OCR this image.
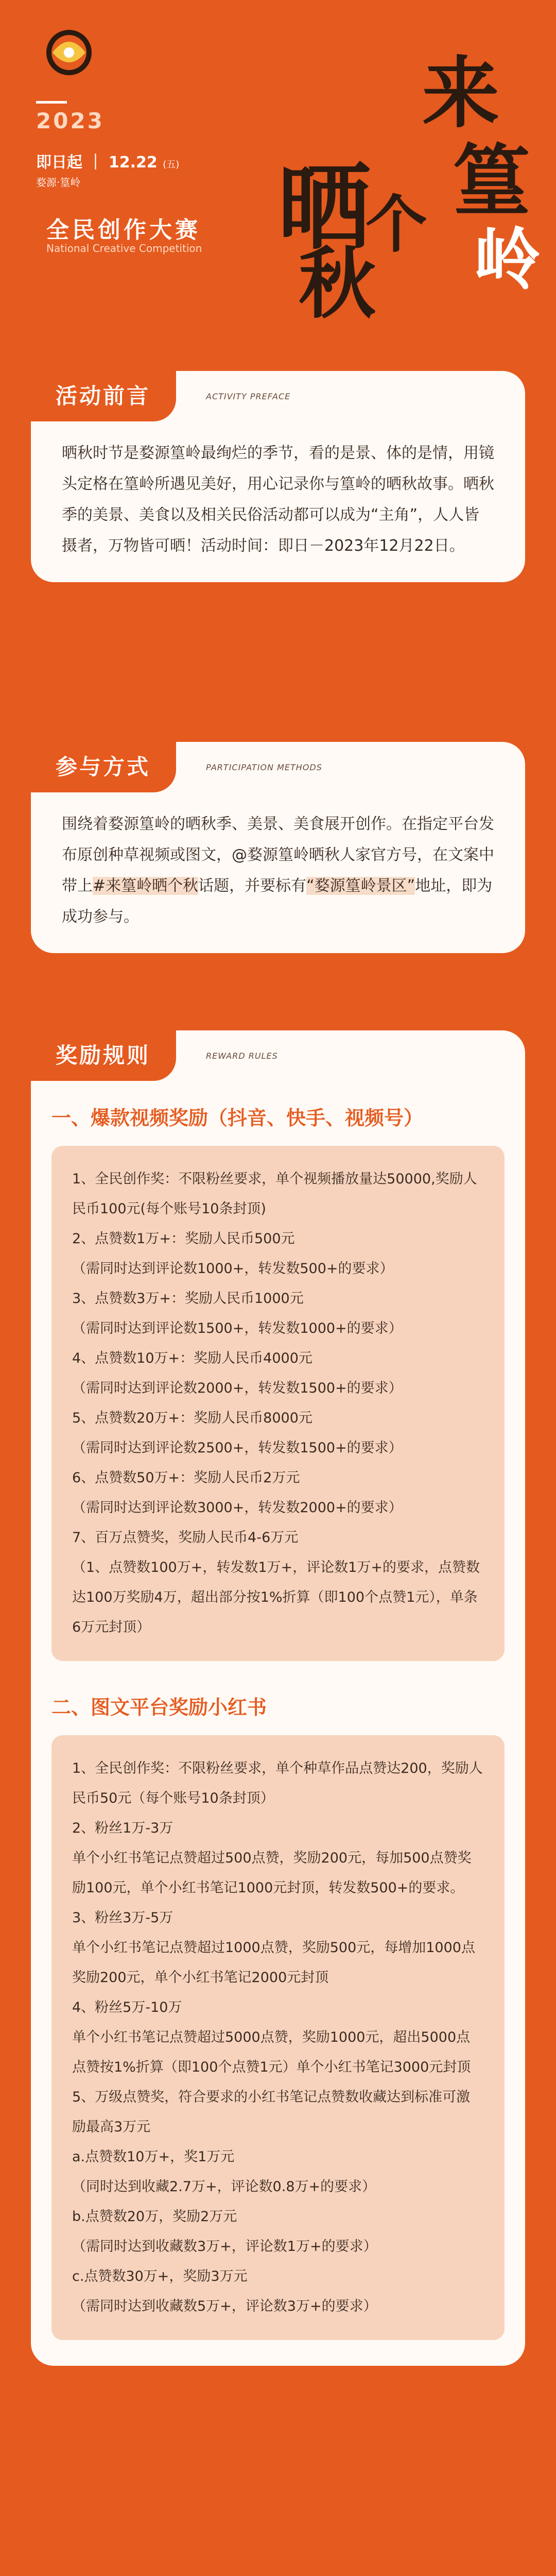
2023
即日起 ｜ 12.22 (五)
婺源·篁岭
全民创作大赛
National Creative Competition
来
篁
岭
晒
个
秋
活动前言	ACTIVITY PREFACE

晒秋时节是婺源篁岭最绚烂的季节，看的是景、体的是情，用镜头定格在篁岭所遇见美好，用心记录你与篁岭的晒秋故事。晒秋季的美景、美食以及相关民俗活动都可以成为“主角”，人人皆摄者，万物皆可晒！活动时间：即日－2023年12月22日。

参与方式	PARTICIPATION METHODS

围绕着婺源篁岭的晒秋季、美景、美食展开创作。在指定平台发布原创种草视频或图文，@婺源篁岭晒秋人家官方号，在文案中带上#来篁岭晒个秋话题，并要标有“婺源篁岭景区”地址，即为成功参与。

奖励规则	REWARD RULES
一、爆款视频奖励（抖音、快手、视频号）

1、全民创作奖：不限粉丝要求，单个视频播放量达50000,奖励人民币100元(每个账号10条封顶)

2、点赞数1万+：奖励人民币500元

（需同时达到评论数1000+，转发数500+的要求）

3、点赞数3万+：奖励人民币1000元

（需同时达到评论数1500+，转发数1000+的要求）

4、点赞数10万+：奖励人民币4000元

（需同时达到评论数2000+，转发数1500+的要求）

5、点赞数20万+：奖励人民币8000元

（需同时达到评论数2500+，转发数1500+的要求）

6、点赞数50万+：奖励人民币2万元

（需同时达到评论数3000+，转发数2000+的要求）

7、百万点赞奖，奖励人民币4-6万元

（1、点赞数100万+，转发数1万+，评论数1万+的要求，点赞数达100万奖励4万，超出部分按1%折算（即100个点赞1元），单条6万元封顶）

二、图文平台奖励小红书

1、全民创作奖：不限粉丝要求，单个种草作品点赞达200，奖励人民币50元（每个账号10条封顶）

2、粉丝1万-3万

单个小红书笔记点赞超过500点赞，奖励200元，每加500点赞奖励100元，单个小红书笔记1000元封顶，转发数500+的要求。

3、粉丝3万-5万

单个小红书笔记点赞超过1000点赞，奖励500元，每增加1000点奖励200元，单个小红书笔记2000元封顶

4、粉丝5万-10万

单个小红书笔记点赞超过5000点赞，奖励1000元，超出5000点点赞按1%折算（即100个点赞1元）单个小红书笔记3000元封顶

5、万级点赞奖，符合要求的小红书笔记点赞数收藏达到标准可激励最高3万元

a.点赞数10万+，奖1万元

（同时达到收藏2.7万+，评论数0.8万+的要求）

b.点赞数20万，奖励2万元

（需同时达到收藏数3万+，评论数1万+的要求）

c.点赞数30万+，奖励3万元

（需同时达到收藏数5万+，评论数3万+的要求）
